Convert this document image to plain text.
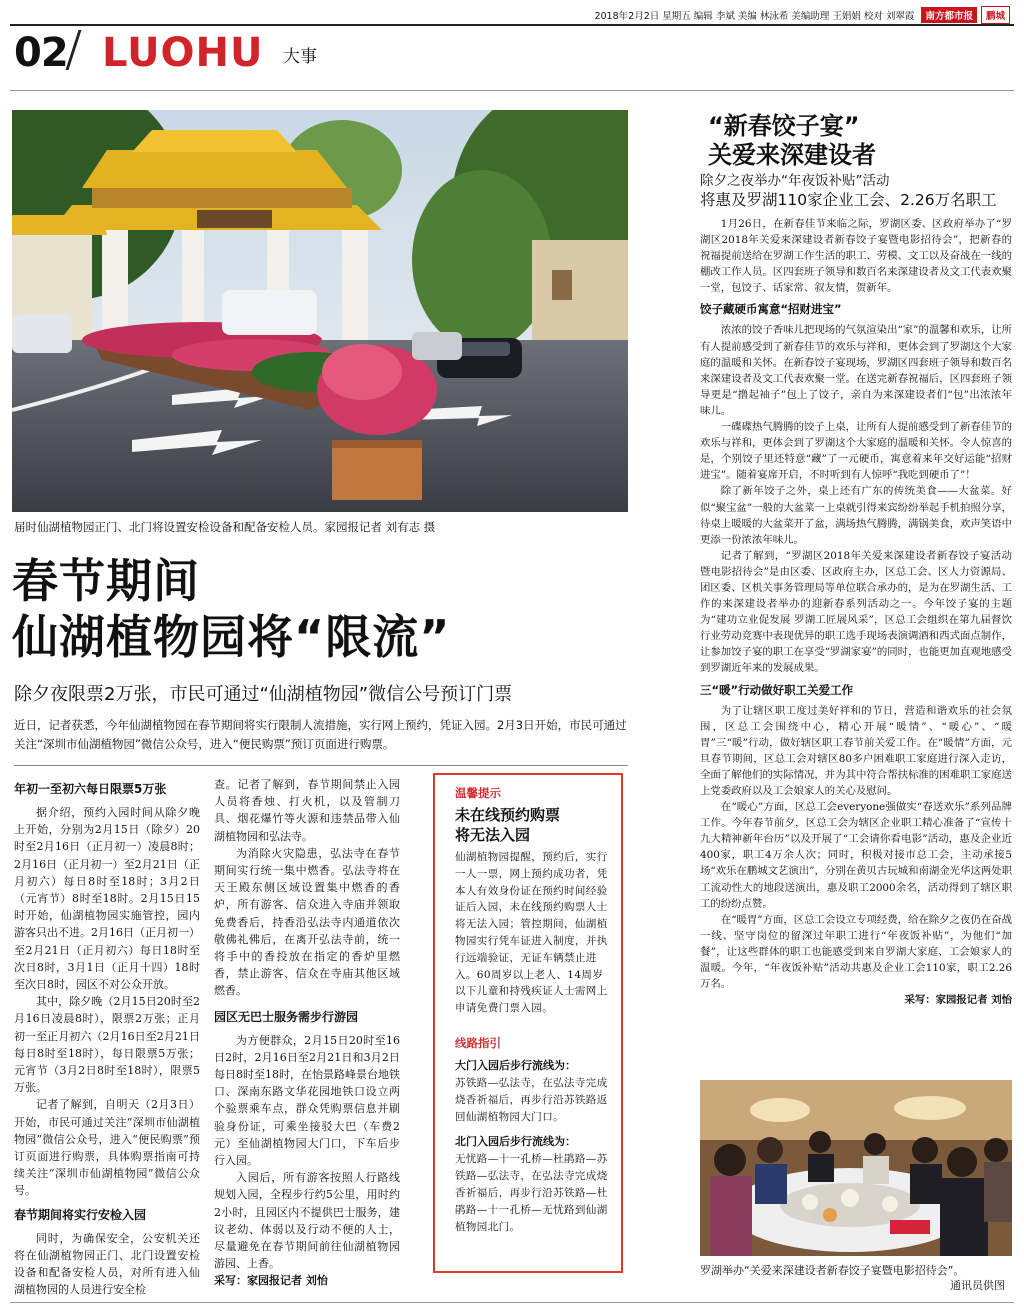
2018年2月2日 星期五 编辑 李斌 美编 林泳希 美编助理 王娟娟 校对 刘翠霞 南方都市报 鹏城
02 LUOHU 大事
届时仙湖植物园正门、北门将设置安检设备和配备安检人员。家园报记者 刘有志 摄
春节期间
仙湖植物园将“限流”
除夕夜限票2万张，市民可通过“仙湖植物园”微信公号预订门票
近日，记者获悉，今年仙湖植物园在春节期间将实行限制人流措施，实行网上预约，凭证入园。2月3日开始，市民可通过关注“深圳市仙湖植物园”微信公众号，进入“便民购票”预订页面进行购票。
年初一至初六每日限票5万张

据介绍，预约入园时间从除夕晚上开始，分别为2月15日（除夕）20时至2月16日（正月初一）凌晨8时；2月16日（正月初一）至2月21日（正月初六）每日8时至18时；3月2日（元宵节）8时至18时。2月15日15时开始，仙湖植物园实施管控，园内游客只出不进。2月16日（正月初一）至2月21日（正月初六）每日18时至次日8时，3月1日（正月十四）18时至次日8时，园区不对公众开放。

其中，除夕晚（2月15日20时至2月16日凌晨8时），限票2万张；正月初一至正月初六（2月16日至2月21日每日8时至18时），每日限票5万张；元宵节（3月2日8时至18时），限票5万张。

记者了解到，自明天（2月3日）开始，市民可通过关注“深圳市仙湖植物园”微信公众号，进入“便民购票”预订页面进行购票，具体购票指南可持续关注“深圳市仙湖植物园”微信公众号。

春节期间将实行安检入园

同时，为确保安全，公安机关还将在仙湖植物园正门、北门设置安检设备和配备安检人员，对所有进入仙湖植物园的人员进行安全检

查。记者了解到，春节期间禁止入园人员将香烛、打火机，以及管制刀具、烟花爆竹等火源和违禁品带入仙湖植物园和弘法寺。

为消除火灾隐患，弘法寺在春节期间实行统一集中燃香。弘法寺将在天王殿东侧区域设置集中燃香的香炉，所有游客、信众进入寺庙并领取免费香后，持香沿弘法寺内通道依次敬佛礼佛后，在离开弘法寺前，统一将手中的香投放在指定的香炉里燃香，禁止游客、信众在寺庙其他区域燃香。

园区无巴士服务需步行游园

为方便群众，2月15日20时至16日2时，2月16日至2月21日和3月2日每日8时至18时，在怡景路峰景台地铁口、深南东路文华花园地铁口设立两个验票乘车点，群众凭购票信息并刷验身份证，可乘坐接驳大巴（车费2元）至仙湖植物园大门口，下车后步行入园。

入园后，所有游客按照人行路线规划入园，全程步行约5公里，用时约2小时，且园区内不提供巴士服务，建议老幼、体弱以及行动不便的人士，尽量避免在春节期间前往仙湖植物园游园、上香。

采写：家园报记者 刘怡

温馨提示
未在线预约购票
将无法入园

仙湖植物园提醒，预约后，实行一人一票，网上预约成功者，凭本人有效身份证在预约时间经验证后入园，未在线预约购票人士将无法入园；管控期间，仙湖植物园实行凭车证进入制度，并执行远端验证，无证车辆禁止进入。60周岁以上老人、14周岁以下儿童和持残疾证人士需网上申请免费门票入园。

线路指引
大门入园后步行流线为：

苏铁路—弘法寺，在弘法寺完成烧香祈福后，再步行沿苏铁路返回仙湖植物园大门口。

北门入园后步行流线为：

无忧路—十一孔桥—杜鹃路—苏铁路—弘法寺，在弘法寺完成烧香祈福后，再步行沿苏铁路—杜鹃路—十一孔桥—无忧路到仙湖植物园北门。

“新春饺子宴”
关爱来深建设者
除夕之夜举办“年夜饭补贴”活动
将惠及罗湖110家企业工会、2.26万名职工

1月26日，在新春佳节来临之际，罗湖区委、区政府举办了“罗湖区2018年关爱来深建设者新春饺子宴暨电影招待会”，把新春的祝福提前送给在罗湖工作生活的职工、劳模、文工以及奋战在一线的棚改工作人员。区四套班子领导和数百名来深建设者及文工代表欢聚一堂，包饺子、话家常、叙友情，贺新年。

饺子藏硬币寓意“招财进宝”

浓浓的饺子香味儿把现场的气氛渲染出“家”的温馨和欢乐，让所有人提前感受到了新春佳节的欢乐与祥和，更体会到了罗湖这个大家庭的温暖和关怀。在新春饺子宴现场，罗湖区四套班子领导和数百名来深建设者及文工代表欢聚一堂。在送完新春祝福后，区四套班子领导更是“撸起袖子”包上了饺子，亲自为来深建设者们“包”出浓浓年味儿。

一碟碟热气腾腾的饺子上桌，让所有人提前感受到了新春佳节的欢乐与祥和，更体会到了罗湖这个大家庭的温暖和关怀。令人惊喜的是，个别饺子里还特意“藏”了一元硬币，寓意着来年交好运能“招财进宝”。随着宴席开启，不时听到有人惊呼“我吃到硬币了”！

除了新年饺子之外，桌上还有广东的传统美食——大盆菜。好似“聚宝盆”一般的大盆菜一上桌就引得来宾纷纷举起手机拍照分享，待桌上暖暖的大盆菜开了盆，满场热气腾腾，满锅美食，欢声笑语中更添一份浓浓年味儿。

记者了解到，“罗湖区2018年关爱来深建设者新春饺子宴活动暨电影招待会”是由区委、区政府主办，区总工会、区人力资源局、团区委、区机关事务管理局等单位联合承办的，是为在罗湖生活、工作的来深建设者举办的迎新春系列活动之一。今年饺子宴的主题为“建功立业促发展 罗湖工匠展风采”，区总工会组织在第九届督饮行业劳动竞赛中表现优异的职工选手现场表演调酒和西式面点制作，让参加饺子宴的职工在享受“罗湖家宴”的同时，也能更加直观地感受到罗湖近年来的发展成果。

三“暖”行动做好职工关爱工作

为了让辖区职工度过美好祥和的节日，营造和谐欢乐的社会氛围，区总工会围绕中心，精心开展“暖情”、“暖心”、“暖胃”三“暖”行动，做好辖区职工春节前关爱工作。在“暖情”方面，元旦春节期间，区总工会对辖区80多户困难职工家庭进行深入走访，全面了解他们的实际情况，并为其中符合帮扶标准的困难职工家庭送上党委政府以及工会娘家人的关心及慰问。

在“暖心”方面，区总工会everyone强做实“春送欢乐”系列品牌工作。今年春节前夕，区总工会为辖区企业职工精心准备了“宣传十九大精神新年台历”以及开展了“工会请你看电影”活动，惠及企业近400家，职工4万余人次；同时，积极对接市总工会，主动承接5场“欢乐在鹏城文艺演出”，分别在黄贝古玩城和南湖金光华这两处职工流动性大的地段送演出，惠及职工2000余名，活动得到了辖区职工的纷纷点赞。

在“暖胃”方面，区总工会设立专项经费，给在除夕之夜仍在奋战一线、坚守岗位的留深过年职工进行“年夜饭补贴”，为他们“加餐”，让这些群体的职工也能感受到来自罗湖大家庭、工会娘家人的温暖。今年，“年夜饭补贴”活动共惠及企业工会110家，职工2.26万名。

采写：家园报记者 刘怡

罗湖举办“关爱来深建设者新春饺子宴暨电影招待会”。
通讯员供图
